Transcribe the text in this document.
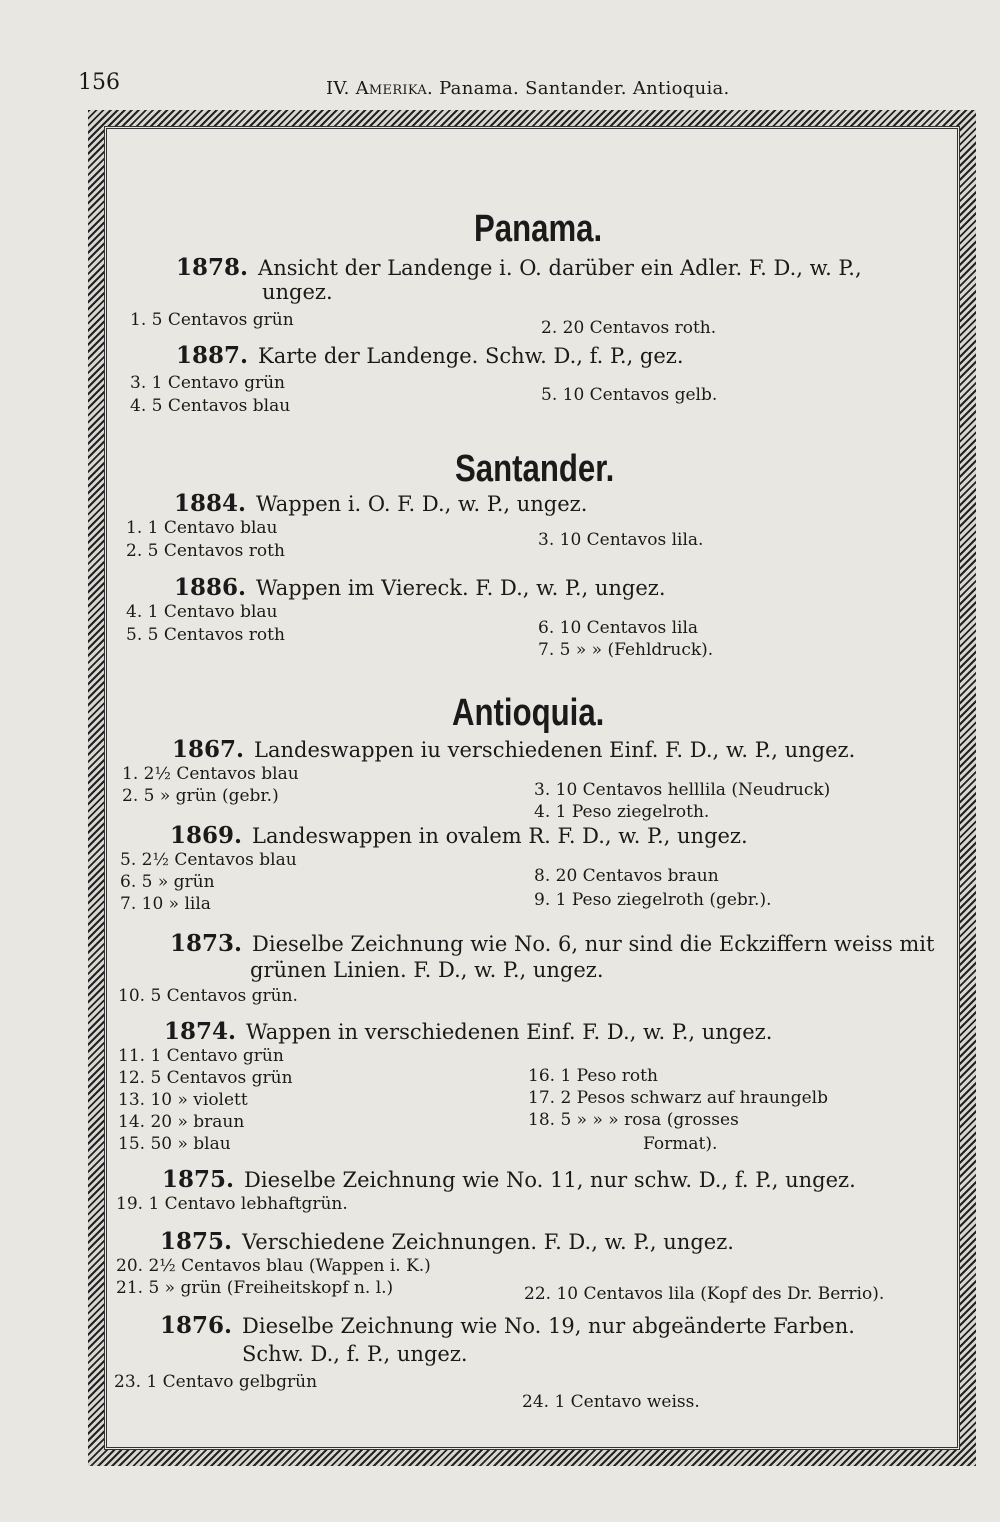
156	IV. Amerika. Panama. Santander. Antioquia.
Panama.
1878. Ansicht der Landenge i. O. darüber ein Adler. F. D., w. P.,
ungez.
1. 5 Centavos grün	2. 20 Centavos roth.
1887. Karte der Landenge. Schw. D., f. P., gez.
3. 1 Centavo grün
4. 5 Centavos blau
5. 10 Centavos gelb.
Santander.
1884. Wappen i. O. F. D., w. P., ungez.
1. 1 Centavo blau
2. 5 Centavos roth
3. 10 Centavos lila.
1886. Wappen im Viereck. F. D., w. P., ungez.
4. 1 Centavo blau
5. 5 Centavos roth	6. 10 Centavos lila
7. 5 » » (Fehldruck).
Antioquia.
1867. Landeswappen iu verschiedenen Einf. F. D., w. P., ungez.
1. 2½ Centavos blau
2. 5 » grün (gebr.)	3. 10 Centavos helllila (Neudruck)
4. 1 Peso ziegelroth.
1869. Landeswappen in ovalem R. F. D., w. P., ungez.
5. 2½ Centavos blau
6. 5 » grün
7. 10 » lila
8. 20 Centavos braun
9. 1 Peso ziegelroth (gebr.).
1873. Dieselbe Zeichnung wie No. 6, nur sind die Eckziffern weiss mit
grünen Linien. F. D., w. P., ungez.
10. 5 Centavos grün.
1874. Wappen in verschiedenen Einf. F. D., w. P., ungez.
11. 1 Centavo grün
12. 5 Centavos grün
13. 10 » violett
14. 20 » braun
15. 50 » blau
16. 1 Peso roth
17. 2 Pesos schwarz auf hraungelb
18. 5 » » » rosa (grosses
Format).
1875. Dieselbe Zeichnung wie No. 11, nur schw. D., f. P., ungez.
19. 1 Centavo lebhaftgrün.
1875. Verschiedene Zeichnungen. F. D., w. P., ungez.
20. 2½ Centavos blau (Wappen i. K.)
21. 5 » grün (Freiheitskopf n. l.)	22. 10 Centavos lila (Kopf des Dr. Berrio).
1876. Dieselbe Zeichnung wie No. 19, nur abgeänderte Farben.
Schw. D., f. P., ungez.
23. 1 Centavo gelbgrün
24. 1 Centavo weiss.
